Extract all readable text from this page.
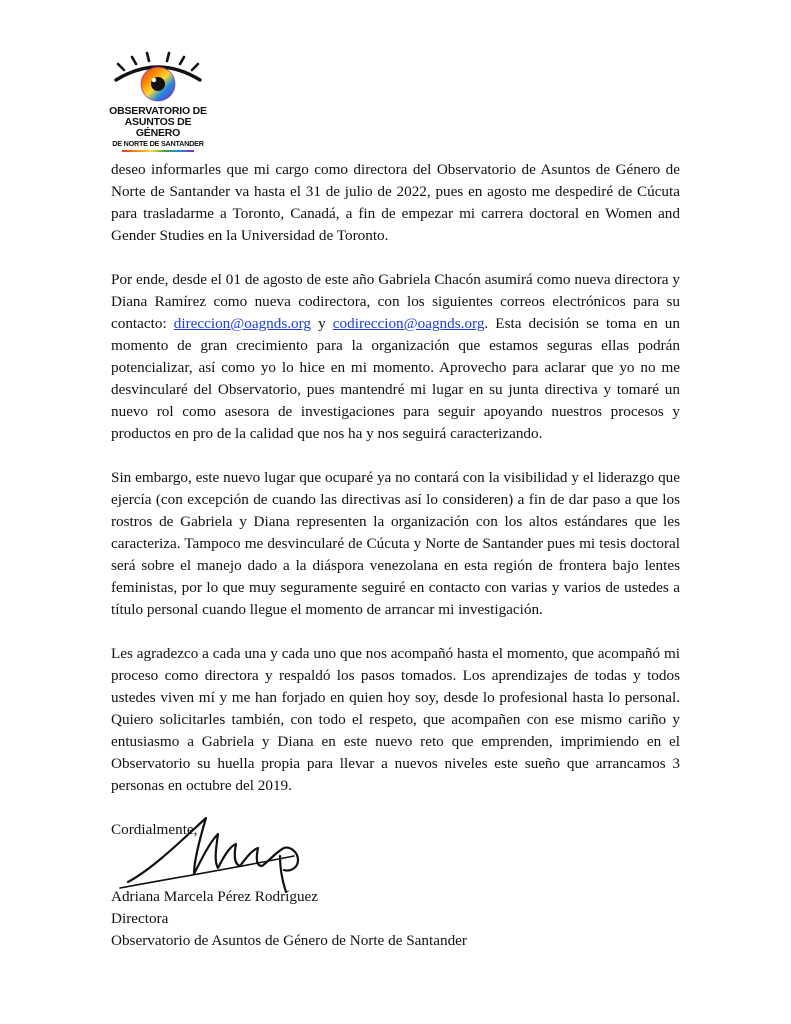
OBSERVATORIO DE
ASUNTOS DE GÉNERO
DE NORTE DE SANTANDER

deseo informarles que mi cargo como directora del Observatorio de Asuntos de Género de Norte de Santander va hasta el 31 de julio de 2022, pues en agosto me despediré de Cúcuta para trasladarme a Toronto, Canadá, a fin de empezar mi carrera doctoral en Women and Gender Studies en la Universidad de Toronto.

Por ende, desde el 01 de agosto de este año Gabriela Chacón asumirá como nueva directora y Diana Ramírez como nueva codirectora, con los siguientes correos electrónicos para su contacto: direccion@oagnds.org y codireccion@oagnds.org. Esta decisión se toma en un momento de gran crecimiento para la organización que estamos seguras ellas podrán potencializar, así como yo lo hice en mi momento. Aprovecho para aclarar que yo no me desvincularé del Observatorio, pues mantendré mi lugar en su junta directiva y tomaré un nuevo rol como asesora de investigaciones para seguir apoyando nuestros procesos y productos en pro de la calidad que nos ha y nos seguirá caracterizando.

Sin embargo, este nuevo lugar que ocuparé ya no contará con la visibilidad y el liderazgo que ejercía (con excepción de cuando las directivas así lo consideren) a fin de dar paso a que los rostros de Gabriela y Diana representen la organización con los altos estándares que les caracteriza. Tampoco me desvincularé de Cúcuta y Norte de Santander pues mi tesis doctoral será sobre el manejo dado a la diáspora venezolana en esta región de frontera bajo lentes feministas, por lo que muy seguramente seguiré en contacto con varias y varios de ustedes a título personal cuando llegue el momento de arrancar mi investigación.

Les agradezco a cada una y cada uno que nos acompañó hasta el momento, que acompañó mi proceso como directora y respaldó los pasos tomados. Los aprendizajes de todas y todos ustedes viven mí y me han forjado en quien hoy soy, desde lo profesional hasta lo personal. Quiero solicitarles también, con todo el respeto, que acompañen con ese mismo cariño y entusiasmo a Gabriela y Diana en este nuevo reto que emprenden, imprimiendo en el Observatorio su huella propia para llevar a nuevos niveles este sueño que arrancamos 3 personas en octubre del 2019.

Cordialmente,

Adriana Marcela Pérez Rodríguez
Directora
Observatorio de Asuntos de Género de Norte de Santander
